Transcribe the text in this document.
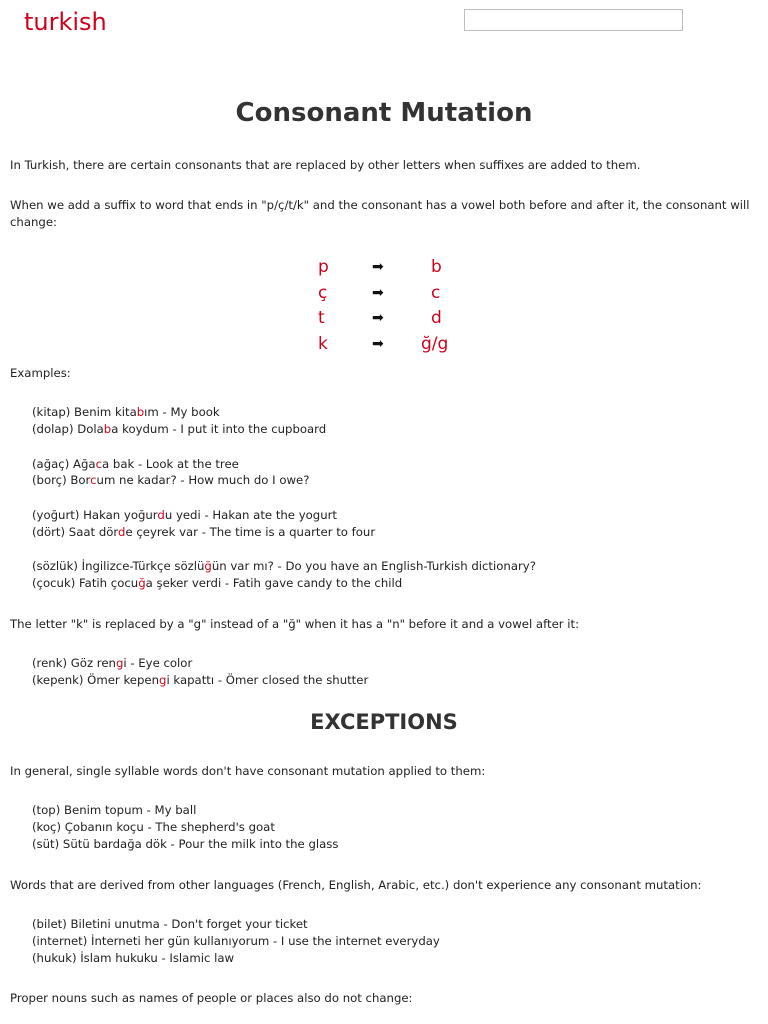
turkish
Consonant Mutation

In Turkish, there are certain consonants that are replaced by other letters when suffixes are added to them.

When we add a suffix to word that ends in "p/ç/t/k" and the consonant has a vowel both before and after it, the consonant will change:

p	➡	b
ç	➡	c
t	➡	d
k	➡ ğ/g

Examples:

(kitap) Benim kitabım - My book

(dolap) Dolaba koydum - I put it into the cupboard

(ağaç) Ağaca bak - Look at the tree

(borç) Borcum ne kadar? - How much do I owe?

(yoğurt) Hakan yoğurdu yedi - Hakan ate the yogurt

(dört) Saat dörde çeyrek var - The time is a quarter to four

(sözlük) İngilizce-Türkçe sözlüğün var mı? - Do you have an English-Turkish dictionary?

(çocuk) Fatih çocuğa şeker verdi - Fatih gave candy to the child

The letter "k" is replaced by a "g" instead of a "ğ" when it has a "n" before it and a vowel after it:

(renk) Göz rengi - Eye color

(kepenk) Ömer kepengi kapattı - Ömer closed the shutter

EXCEPTIONS

In general, single syllable words don't have consonant mutation applied to them:

(top) Benim topum - My ball

(koç) Çobanın koçu - The shepherd's goat

(süt) Sütü bardağa dök - Pour the milk into the glass

Words that are derived from other languages (French, English, Arabic, etc.) don't experience any consonant mutation:

(bilet) Biletini unutma - Don't forget your ticket

(internet) İnterneti her gün kullanıyorum - I use the internet everyday

(hukuk) İslam hukuku - Islamic law

Proper nouns such as names of people or places also do not change:
